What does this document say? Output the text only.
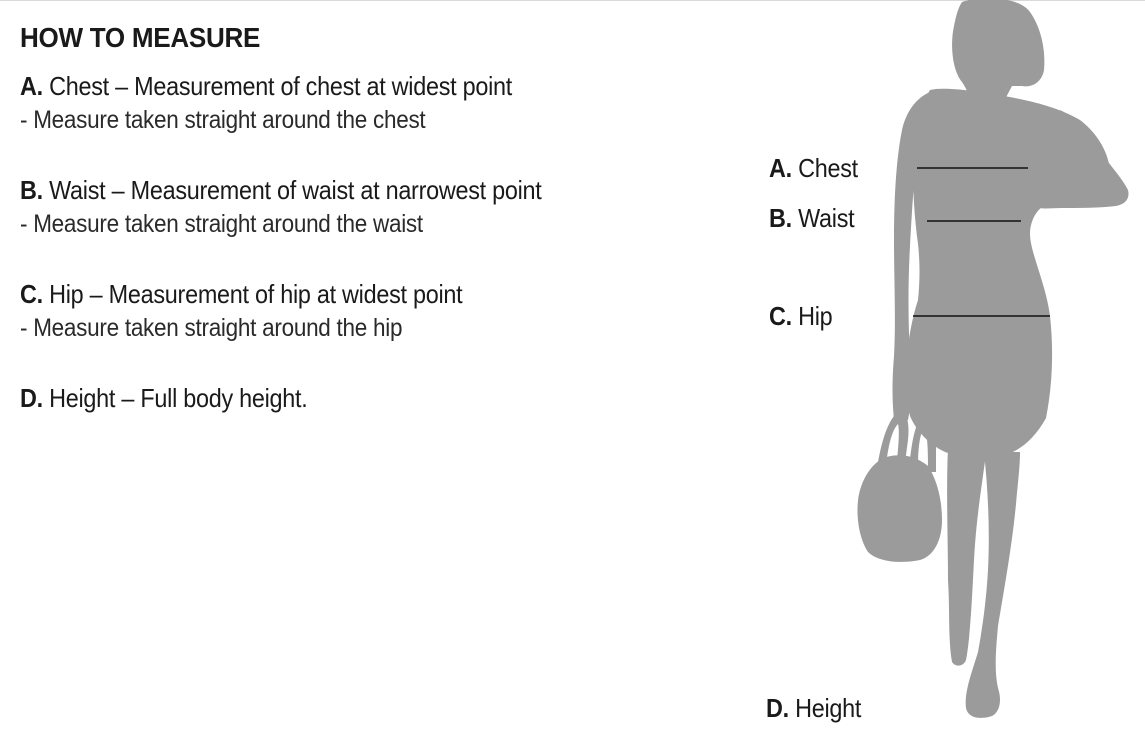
HOW TO MEASURE
A. Chest – Measurement of chest at widest point
- Measure taken straight around the chest
B. Waist – Measurement of waist at narrowest point
- Measure taken straight around the waist
C. Hip – Measurement of hip at widest point
- Measure taken straight around the hip
D. Height – Full body height.
A. Chest
B. Waist
C. Hip
D. Height
